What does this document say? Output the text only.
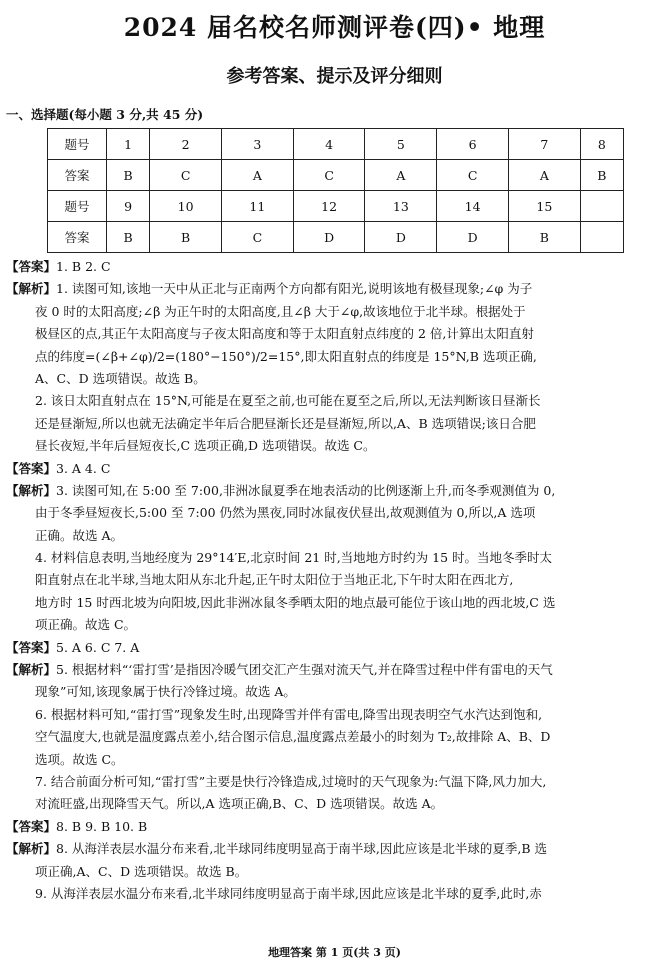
2024 届名校名师测评卷(四)• 地理
参考答案、提示及评分细则
一、选择题(每小题 3 分,共 45 分)
题号	1	2	3	4	5	6	7	8
答案	B	C	A	C	A	C	A	B
题号	9	10	11	12	13	14	15	
答案	B	B	C	D	D	D	B	
【答案】1. B 2. C
【解析】1. 读图可知,该地一天中从正北与正南两个方向都有阳光,说明该地有极昼现象;∠φ 为子
夜 0 时的太阳高度;∠β 为正午时的太阳高度,且∠β 大于∠φ,故该地位于北半球。根据处于
极昼区的点,其正午太阳高度与子夜太阳高度和等于太阳直射点纬度的 2 倍,计算出太阳直射
点的纬度=(∠β+∠φ)/2=(180°−150°)/2=15°,即太阳直射点的纬度是 15°N,B 选项正确,
A、C、D 选项错误。故选 B。
2. 该日太阳直射点在 15°N,可能是在夏至之前,也可能在夏至之后,所以,无法判断该日昼渐长
还是昼渐短,所以也就无法确定半年后合肥昼渐长还是昼渐短,所以,A、B 选项错误;该日合肥
昼长夜短,半年后昼短夜长,C 选项正确,D 选项错误。故选 C。
【答案】3. A 4. C
【解析】3. 读图可知,在 5:00 至 7:00,非洲冰鼠夏季在地表活动的比例逐渐上升,而冬季观测值为 0,
由于冬季昼短夜长,5:00 至 7:00 仍然为黑夜,同时冰鼠夜伏昼出,故观测值为 0,所以,A 选项
正确。故选 A。
4. 材料信息表明,当地经度为 29°14′E,北京时间 21 时,当地地方时约为 15 时。当地冬季时太
阳直射点在北半球,当地太阳从东北升起,正午时太阳位于当地正北,下午时太阳在西北方,
地方时 15 时西北坡为向阳坡,因此非洲冰鼠冬季晒太阳的地点最可能位于该山地的西北坡,C 选
项正确。故选 C。
【答案】5. A 6. C 7. A
【解析】5. 根据材料“‘雷打雪’是指因冷暖气团交汇产生强对流天气,并在降雪过程中伴有雷电的天气
现象”可知,该现象属于快行冷锋过境。故选 A。
6. 根据材料可知,“雷打雪”现象发生时,出现降雪并伴有雷电,降雪出现表明空气水汽达到饱和,
空气温度大,也就是温度露点差小,结合图示信息,温度露点差最小的时刻为 T₂,故排除 A、B、D
选项。故选 C。
7. 结合前面分析可知,“雷打雪”主要是快行冷锋造成,过境时的天气现象为:气温下降,风力加大,
对流旺盛,出现降雪天气。所以,A 选项正确,B、C、D 选项错误。故选 A。
【答案】8. B 9. B 10. B
【解析】8. 从海洋表层水温分布来看,北半球同纬度明显高于南半球,因此应该是北半球的夏季,B 选
项正确,A、C、D 选项错误。故选 B。
9. 从海洋表层水温分布来看,北半球同纬度明显高于南半球,因此应该是北半球的夏季,此时,赤
地理答案 第 1 页(共 3 页)
